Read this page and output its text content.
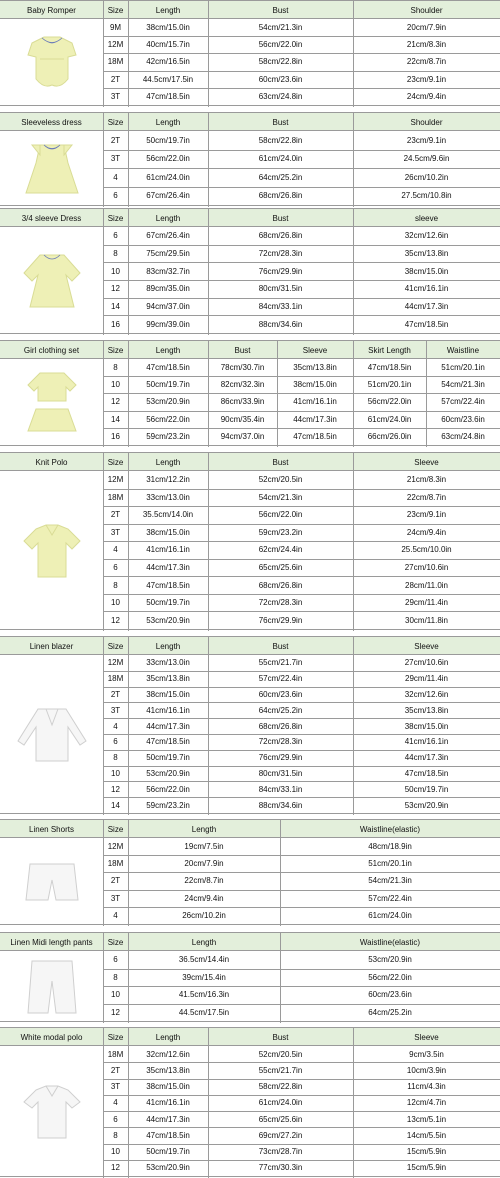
Baby Romper	Size	Length	Bust	Shoulder
9M	38cm/15.0in	54cm/21.3in	20cm/7.9in
12M	40cm/15.7in	56cm/22.0in	21cm/8.3in
18M	42cm/16.5in	58cm/22.8in	22cm/8.7in
2T	44.5cm/17.5in	60cm/23.6in	23cm/9.1in
3T	47cm/18.5in	63cm/24.8in	24cm/9.4in
Sleeveless dress	Size	Length	Bust	Shoulder
2T	50cm/19.7in	58cm/22.8in	23cm/9.1in
3T	56cm/22.0in	61cm/24.0in	24.5cm/9.6in
4	61cm/24.0in	64cm/25.2in	26cm/10.2in
6	67cm/26.4in	68cm/26.8in	27.5cm/10.8in
3/4 sleeve Dress	Size	Length	Bust	sleeve
6	67cm/26.4in	68cm/26.8in	32cm/12.6in
8	75cm/29.5in	72cm/28.3in	35cm/13.8in
10	83cm/32.7in	76cm/29.9in	38cm/15.0in
12	89cm/35.0in	80cm/31.5in	41cm/16.1in
14	94cm/37.0in	84cm/33.1in	44cm/17.3in
16	99cm/39.0in	88cm/34.6in	47cm/18.5in
Girl clothing set	Size	Length	Bust	Sleeve	Skirt Length	Waistline
8	47cm/18.5in	78cm/30.7in	35cm/13.8in	47cm/18.5in	51cm/20.1in
10	50cm/19.7in	82cm/32.3in	38cm/15.0in	51cm/20.1in	54cm/21.3in
12	53cm/20.9in	86cm/33.9in	41cm/16.1in	56cm/22.0in	57cm/22.4in
14	56cm/22.0in	90cm/35.4in	44cm/17.3in	61cm/24.0in	60cm/23.6in
16	59cm/23.2in	94cm/37.0in	47cm/18.5in	66cm/26.0in	63cm/24.8in
Knit Polo	Size	Length	Bust	Sleeve
12M	31cm/12.2in	52cm/20.5in	21cm/8.3in
18M	33cm/13.0in	54cm/21.3in	22cm/8.7in
2T	35.5cm/14.0in	56cm/22.0in	23cm/9.1in
3T	38cm/15.0in	59cm/23.2in	24cm/9.4in
4	41cm/16.1in	62cm/24.4in	25.5cm/10.0in
6	44cm/17.3in	65cm/25.6in	27cm/10.6in
8	47cm/18.5in	68cm/26.8in	28cm/11.0in
10	50cm/19.7in	72cm/28.3in	29cm/11.4in
12	53cm/20.9in	76cm/29.9in	30cm/11.8in
Linen blazer	Size	Length	Bust	Sleeve
12M	33cm/13.0in	55cm/21.7in	27cm/10.6in
18M	35cm/13.8in	57cm/22.4in	29cm/11.4in
2T	38cm/15.0in	60cm/23.6in	32cm/12.6in
3T	41cm/16.1in	64cm/25.2in	35cm/13.8in
4	44cm/17.3in	68cm/26.8in	38cm/15.0in
6	47cm/18.5in	72cm/28.3in	41cm/16.1in
8	50cm/19.7in	76cm/29.9in	44cm/17.3in
10	53cm/20.9in	80cm/31.5in	47cm/18.5in
12	56cm/22.0in	84cm/33.1in	50cm/19.7in
14	59cm/23.2in	88cm/34.6in	53cm/20.9in
Linen Shorts	Size	Length	Waistline(elastic)
12M	19cm/7.5in	48cm/18.9in
18M	20cm/7.9in	51cm/20.1in
2T	22cm/8.7in	54cm/21.3in
3T	24cm/9.4in	57cm/22.4in
4	26cm/10.2in	61cm/24.0in
Linen Midi length pants	Size	Length	Waistline(elastic)
6	36.5cm/14.4in	53cm/20.9in
8	39cm/15.4in	56cm/22.0in
10	41.5cm/16.3in	60cm/23.6in
12	44.5cm/17.5in	64cm/25.2in
White modal polo	Size	Length	Bust	Sleeve
18M	32cm/12.6in	52cm/20.5in	9cm/3.5in
2T	35cm/13.8in	55cm/21.7in	10cm/3.9in
3T	38cm/15.0in	58cm/22.8in	11cm/4.3in
4	41cm/16.1in	61cm/24.0in	12cm/4.7in
6	44cm/17.3in	65cm/25.6in	13cm/5.1in
8	47cm/18.5in	69cm/27.2in	14cm/5.5in
10	50cm/19.7in	73cm/28.7in	15cm/5.9in
12	53cm/20.9in	77cm/30.3in	15cm/5.9in
